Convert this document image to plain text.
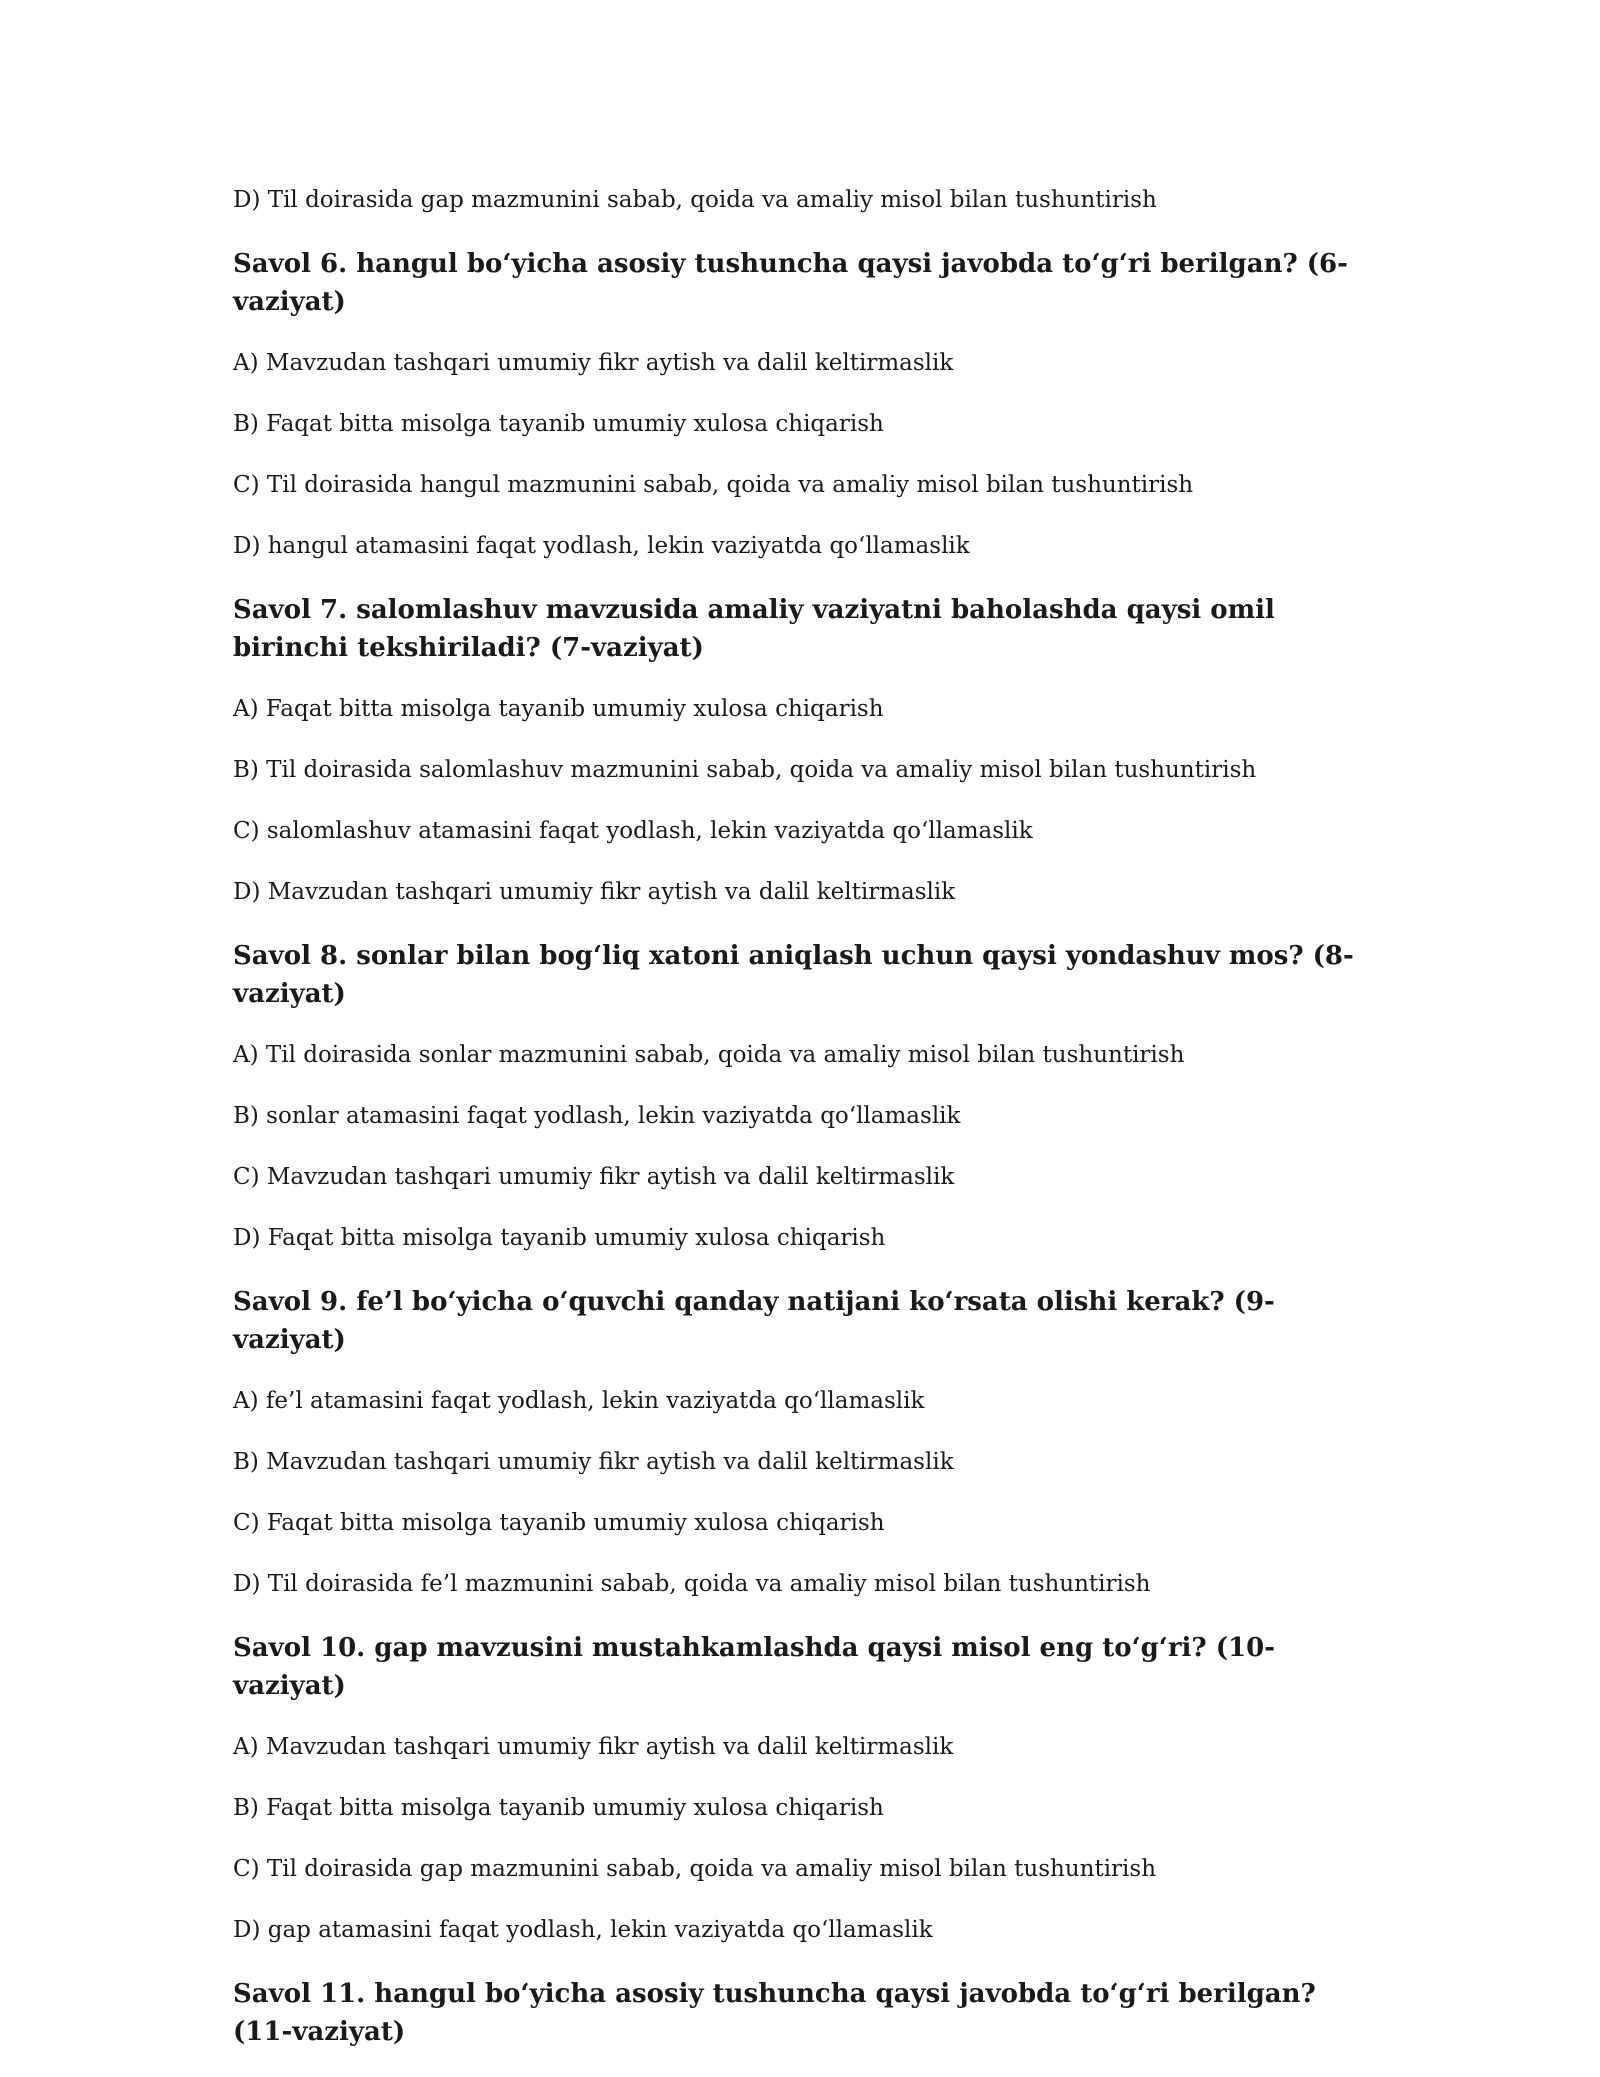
D) Til doirasida gap mazmunini sabab, qoida va amaliy misol bilan tushuntirish

Savol 6. hangul bo‘yicha asosiy tushuncha qaysi javobda to‘g‘ri berilgan? (6-vaziyat)

A) Mavzudan tashqari umumiy fikr aytish va dalil keltirmaslik

B) Faqat bitta misolga tayanib umumiy xulosa chiqarish

C) Til doirasida hangul mazmunini sabab, qoida va amaliy misol bilan tushuntirish

D) hangul atamasini faqat yodlash, lekin vaziyatda qo‘llamaslik

Savol 7. salomlashuv mavzusida amaliy vaziyatni baholashda qaysi omil birinchi tekshiriladi? (7-vaziyat)

A) Faqat bitta misolga tayanib umumiy xulosa chiqarish

B) Til doirasida salomlashuv mazmunini sabab, qoida va amaliy misol bilan tushuntirish

C) salomlashuv atamasini faqat yodlash, lekin vaziyatda qo‘llamaslik

D) Mavzudan tashqari umumiy fikr aytish va dalil keltirmaslik

Savol 8. sonlar bilan bog‘liq xatoni aniqlash uchun qaysi yondashuv mos? (8-vaziyat)

A) Til doirasida sonlar mazmunini sabab, qoida va amaliy misol bilan tushuntirish

B) sonlar atamasini faqat yodlash, lekin vaziyatda qo‘llamaslik

C) Mavzudan tashqari umumiy fikr aytish va dalil keltirmaslik

D) Faqat bitta misolga tayanib umumiy xulosa chiqarish

Savol 9. fe’l bo‘yicha o‘quvchi qanday natijani ko‘rsata olishi kerak? (9-vaziyat)

A) fe’l atamasini faqat yodlash, lekin vaziyatda qo‘llamaslik

B) Mavzudan tashqari umumiy fikr aytish va dalil keltirmaslik

C) Faqat bitta misolga tayanib umumiy xulosa chiqarish

D) Til doirasida fe’l mazmunini sabab, qoida va amaliy misol bilan tushuntirish

Savol 10. gap mavzusini mustahkamlashda qaysi misol eng to‘g‘ri? (10-vaziyat)

A) Mavzudan tashqari umumiy fikr aytish va dalil keltirmaslik

B) Faqat bitta misolga tayanib umumiy xulosa chiqarish

C) Til doirasida gap mazmunini sabab, qoida va amaliy misol bilan tushuntirish

D) gap atamasini faqat yodlash, lekin vaziyatda qo‘llamaslik

Savol 11. hangul bo‘yicha asosiy tushuncha qaysi javobda to‘g‘ri berilgan? (11-vaziyat)
